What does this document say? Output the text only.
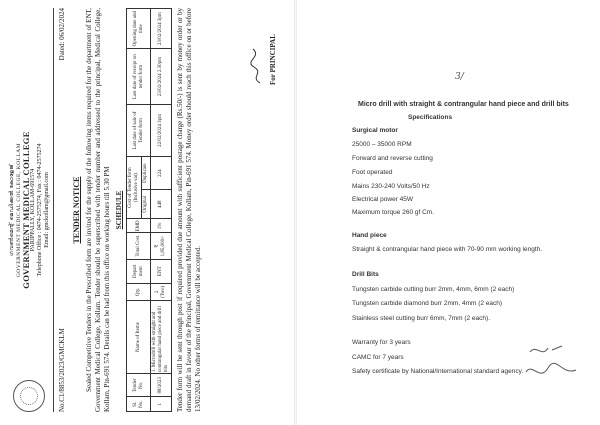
ഗവൺമെന്റ് മെഡിക്കൽ കോളേജ് GOVERNMENT MEDICAL COLLEGE, KOLLAM GOVERNMENT MEDICAL COLLEGE PARIPPALLY, KOLLAM-691574 Telephone Office : 0474-2575274, Fax : 0474-2575274 Email: gmckollam@gmail.com
No.C1/8853/2023/GMCKLM
Dated: 06/02/2024
TENDER NOTICE Sealed Competitive Tenders in the Prescribed form are invited for the supply of the following items required for the department of ENT, Government Medical College, Kollam. Tender should be superscribed with tender number and addressed to the principal, Medical College, Kollam, Pin-691 574. Details can be had from this office on working hours till 5.30 PM SCHEDULE
Sl. No.	Tender No.	Name of Items	Qty.	Depart ment	Total Cost	EMD	Cost of Tender form (Inclusive vat)		Last date of sale of Tender form	Last date of receipt on tender form	Opening date and time
							Original	Duplicate			
1	88/2023	1. Microdrill with straight and contrangular hand piece and drill bits	2 (Two)	ENT	₹ 1,85,000/-	1%	448	224	22/02/2024 3pm	23/02/2024 2.30pm	23/02/2024 3pm Tender form will be sent through post if required provided due amount with sufficient postage charge (Rs.50/-) is sent by money order or by demand draft in favour of the Principal, Government Medical College, Kollam, Pin-691 574. Money order should reach this office on or before 13/02/2024. No other forms of remittance will be accepted.
For PRINCIPAL	3/
Micro drill with straight & contrangular hand piece and drill bits
Specifications
Surgical motor
25000 – 35000 RPM
Forward and reverse cutting
Foot operated
Mains 230-240 Volts/50 Hz
Electrical power 45W
Maximum torque 260 gf Cm.
Hand piece
Straight & contrangular hand piece with 70-90 mm working length.
Drill Bits
Tungsten carbide cutting burr 2mm, 4mm, 6mm (2 each)
Tungsten carbide diamond burr 2mm, 4mm (2 each)
Stainless steel cutting burr 6mm, 7mm (2 each).
Warranty for 3 years
CAMC for 7 years
Safety certificate by National/International standard agency.
